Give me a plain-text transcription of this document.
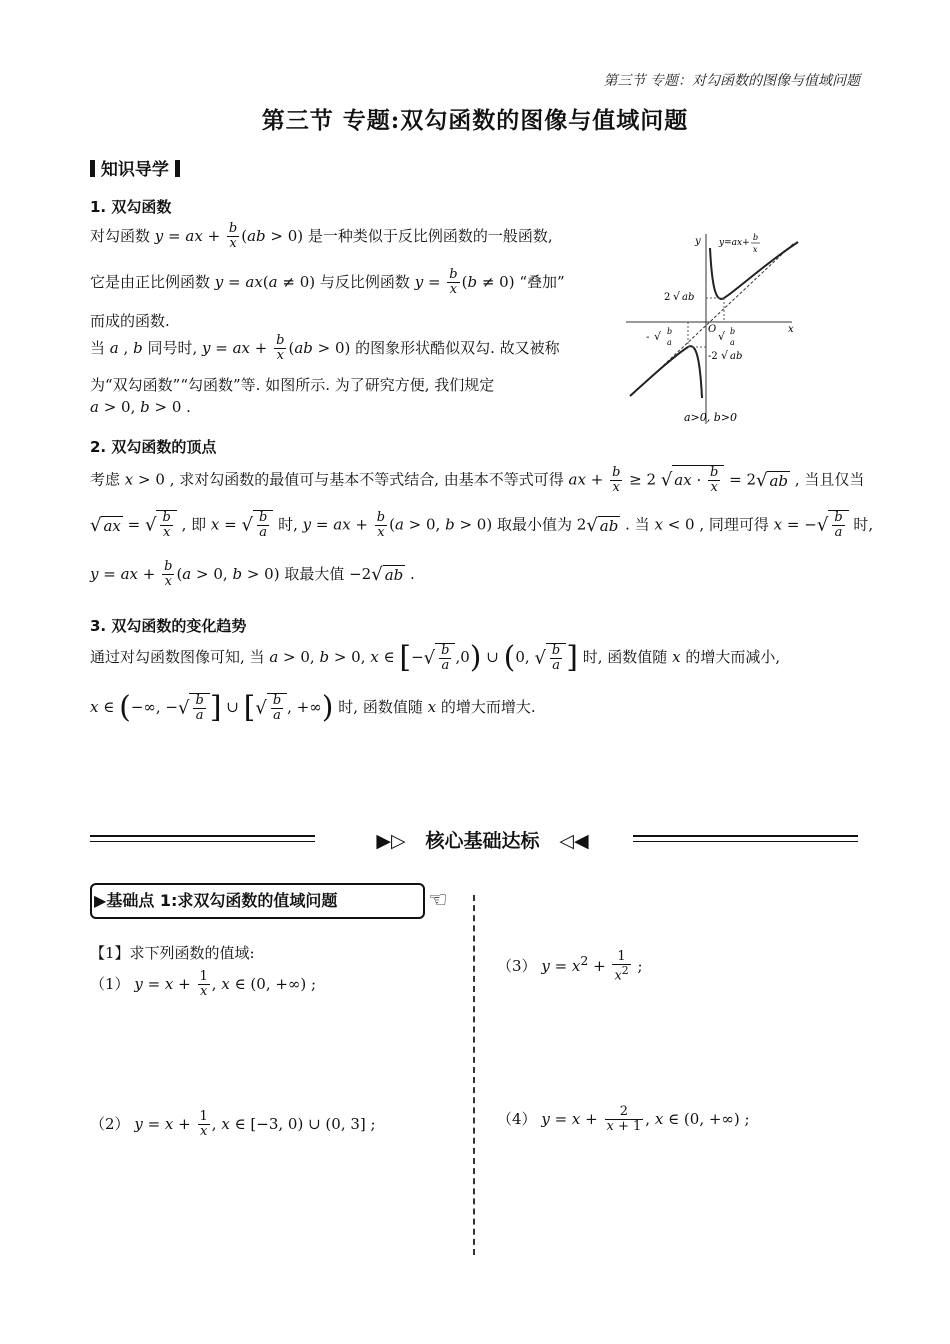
第三节 专题：对勾函数的图像与值域问题
第三节 专题:双勾函数的图像与值域问题
知识导学
1. 双勾函数
对勾函数 y = ax + $\frac{b}{x} (ab > 0)$ 是一种类似于反比例函数的一般函数,
它是由正比例函数 y = ax(a ≠ 0) 与反比例函数 $y = \frac{b}{x} (b \ne 0)$ “叠加”
而成的函数.
当 a , b 同号时, y = ax + $\frac{b}{x} (ab > 0)$ 的图象形状酷似双勾. 故又被称
为“双勾函数”“勾函数”等. 如图所示. 为了研究方便, 我们规定
a > 0, b > 0 .
y
x
y=ax+
b
x
O
2 √ ab
-2 √ ab
- √ b
a	√ b
a
a>0, b>0
2. 双勾函数的顶点
考虑 x > 0 , 求对勾函数的最值可与基本不等式结合, 由基本不等式可得 ax + $\frac{b}{x} \ge 2$ √ ax · $\frac{b}{x} = 2√$ ab , 当且仅当
√ ax = √ $\frac{b}{x}$ , 即 x = √ $\frac{b}{a}$ 时, y = ax + $\frac{b}{x} (a > 0$, b > 0) 取最小值为 2√ ab . 当 x < 0 , 同理可得 x = −√ $\frac{b}{a}$ 时,
y = ax + $\frac{b}{x} (a > 0$, b > 0) 取最大值 −2√ ab .
3. 双勾函数的变化趋势
通过对勾函数图像可知, 当 a > 0, b > 0, x ∈ [−√ $\frac{b}{a} ,0$) ∪ (0, √ $\frac{b}{a}$ ] 时, 函数值随 x 的增大而减小,
x ∈ (−∞, −√ $\frac{b}{a}$ ] ∪ [√ $\frac{b}{a}$ , +∞) 时, 函数值随 x 的增大而增大.
▶▷ 核心基础达标 ◁◀
▶基础点 1:求双勾函数的值域问题	☜
【1】求下列函数的值域:
（1） $y = x + \frac{1}{x}$ , x ∈ (0, +∞) ;
（2） $y = x + \frac{1}{x}$ , x ∈ [−3, 0) ∪ (0, 3] ;
（3） $y = x^2 + \frac{1}{x^2}$ ;
（4） $y = x + \frac{2}{x + 1}$ , x ∈ (0, +∞) ;
